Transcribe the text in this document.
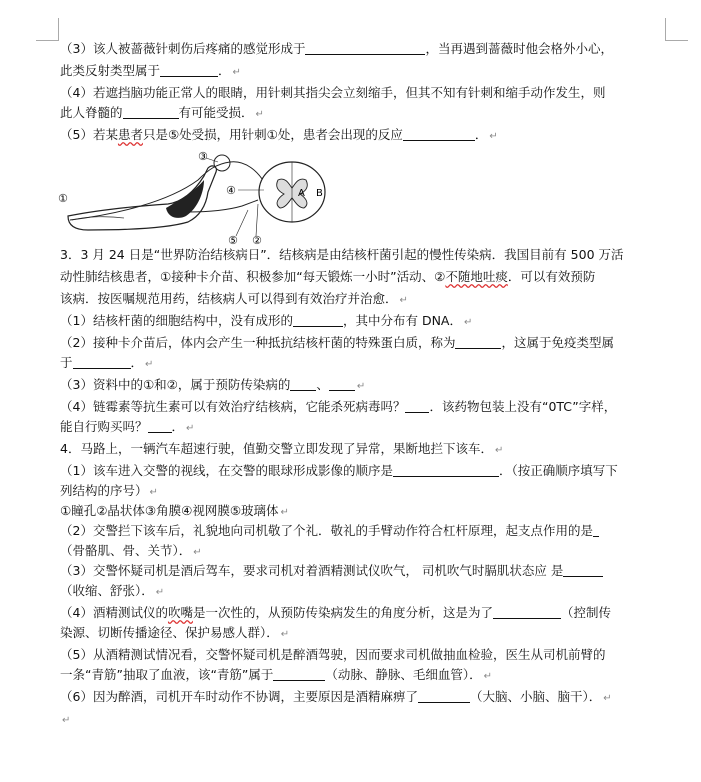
（3）该人被蔷薇针刺伤后疼痛的感觉形成于	，当再遇到蔷薇时他会格外小心，
此类反射类型属于	． ↵
（4）若遮挡脑功能正常人的眼睛，用针刺其指尖会立刻缩手，但其不知有针刺和缩手动作发生，则
此人脊髓的	有可能受损． ↵
（5）若某患者只是⑤处受损，用针刺①处，患者会出现的反应	． ↵
①
③
④
⑤ ②
A B
3．3 月 24 日是“世界防治结核病日”．结核病是由结核杆菌引起的慢性传染病．我国目前有 500 万活
动性肺结核患者，①接种卡介苗、积极参加“每天锻炼一小时”活动、②不随地吐痰．可以有效预防
该病．按医嘱规范用药，结核病人可以得到有效治疗并治愈． ↵
（1）结核杆菌的细胞结构中，没有成形的	，其中分布有 DNA． ↵
（2）接种卡介苗后，体内会产生一种抵抗结核杆菌的特殊蛋白质，称为	，这属于免疫类型属
于	． ↵
（3）资料中的①和②，属于预防传染病的 、	↵
（4）链霉素等抗生素可以有效治疗结核病，它能杀死病毒吗？ ．该药物包装上没有“0TC”字样，
能自行购买吗？ ． ↵
4．马路上，一辆汽车超速行驶，值勤交警立即发现了异常，果断地拦下该车． ↵
（1）该车进入交警的视线，在交警的眼球形成影像的顺序是	．（按正确顺序填写下
列结构的序号） ↵
①瞳孔②晶状体③角膜④视网膜⑤玻璃体 ↵
（2）交警拦下该车后，礼貌地向司机敬了个礼．敬礼的手臂动作符合杠杆原理，起支点作用的是
（骨骼肌、骨、关节）． ↵
（3）交警怀疑司机是酒后驾车，要求司机对着酒精测试仪吹气， 司机吹气时膈肌状态应 是
（收缩、舒张）． ↵
（4）酒精测试仪的吹嘴是一次性的，从预防传染病发生的角度分析，这是为了	（控制传
染源、切断传播途径、保护易感人群）． ↵
（5）从酒精测试情况看，交警怀疑司机是醉酒驾驶，因而要求司机做抽血检验，医生从司机前臂的
一条“青筋”抽取了血液，该“青筋”属于	（动脉、静脉、毛细血管）． ↵
（6）因为醉酒，司机开车时动作不协调，主要原因是酒精麻痹了	（大脑、小脑、脑干）． ↵
↵
